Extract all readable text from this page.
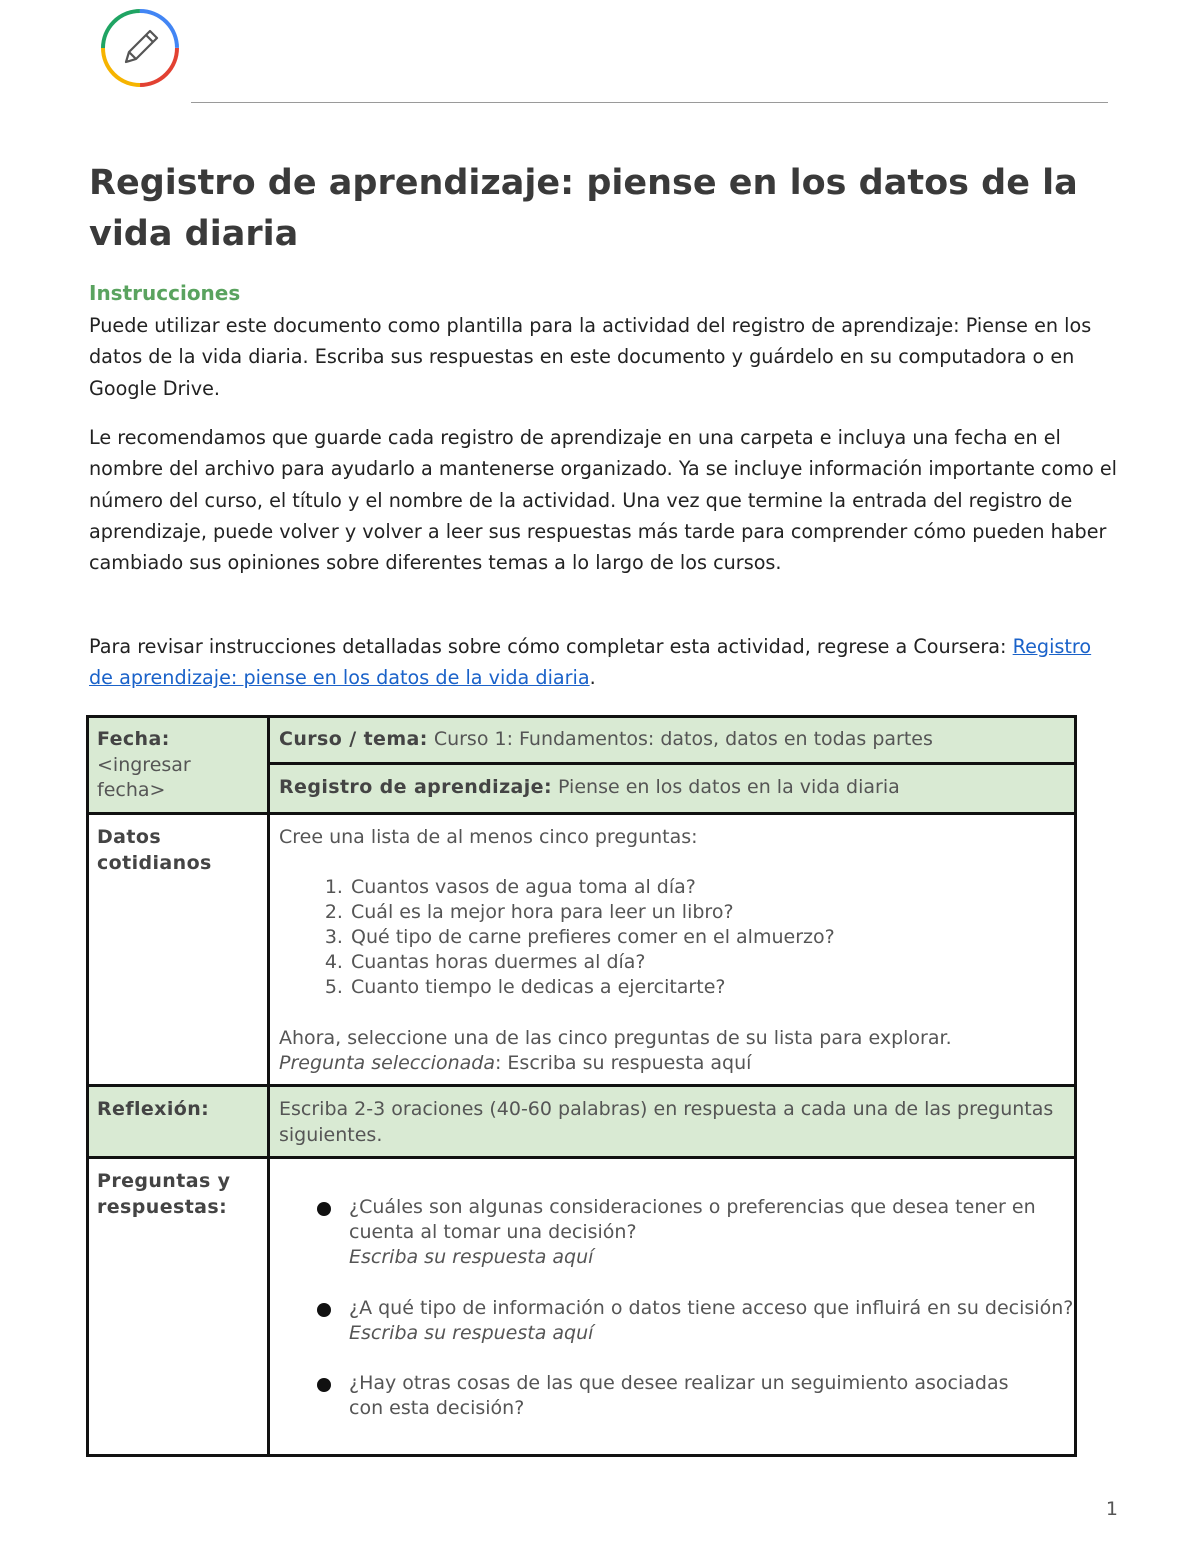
Registro de aprendizaje: piense en los datos de la vida diaria
Instrucciones

Puede utilizar este documento como plantilla para la actividad del registro de aprendizaje: Piense en los datos de la vida diaria. Escriba sus respuestas en este documento y guárdelo en su computadora o en Google Drive.

Le recomendamos que guarde cada registro de aprendizaje en una carpeta e incluya una fecha en el nombre del archivo para ayudarlo a mantenerse organizado. Ya se incluye información importante como el número del curso, el título y el nombre de la actividad. Una vez que termine la entrada del registro de aprendizaje, puede volver y volver a leer sus respuestas más tarde para comprender cómo pueden haber cambiado sus opiniones sobre diferentes temas a lo largo de los cursos.

Para revisar instrucciones detalladas sobre cómo completar esta actividad, regrese a Coursera: Registro de aprendizaje: piense en los datos de la vida diaria.

Fecha:
<ingresar fecha>
Curso / tema: Curso 1: Fundamentos: datos, datos en todas partes
Registro de aprendizaje: Piense en los datos en la vida diaria
Datos cotidianos
Cree una lista de al menos cinco preguntas:
1. Cuantos vasos de agua toma al día?
2. Cuál es la mejor hora para leer un libro?
3. Qué tipo de carne prefieres comer en el almuerzo?
4. Cuantas horas duermes al día?
5. Cuanto tiempo le dedicas a ejercitarte?
Ahora, seleccione una de las cinco preguntas de su lista para explorar.
Pregunta seleccionada: Escriba su respuesta aquí
Reflexión:	Escriba 2-3 oraciones (40-60 palabras) en respuesta a cada una de las preguntas siguientes.
Preguntas y respuestas:	¿Cuáles son algunas consideraciones o preferencias que desea tener en cuenta al tomar una decisión?
Escriba su respuesta aquí
¿A qué tipo de información o datos tiene acceso que influirá en su decisión?
Escriba su respuesta aquí
¿Hay otras cosas de las que desee realizar un seguimiento asociadas con esta decisión?
1
